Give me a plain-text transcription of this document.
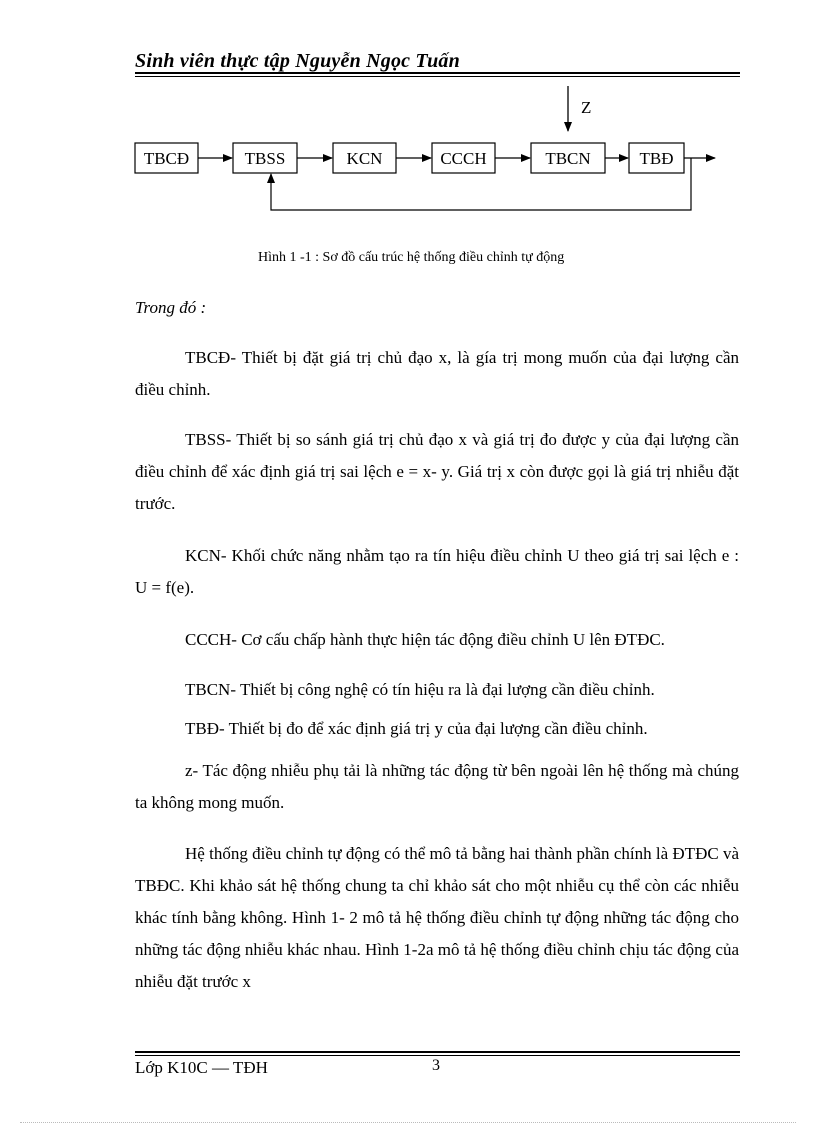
Sinh viên thực tập Nguyễn Ngọc Tuấn
Z
TBCĐ	TBSS	KCN	CCCH	TBCN	TBĐ
Hình 1 -1 : Sơ đồ cấu trúc hệ thống điều chỉnh tự động
Trong đó :

TBCĐ- Thiết bị đặt giá trị chủ đạo x, là gía trị mong muốn của đại lượng cần điều chỉnh.

TBSS- Thiết bị so sánh giá trị chủ đạo x và giá trị đo được y của đại lượng cần điều chỉnh để xác định giá trị sai lệch e = x- y. Giá trị x còn được gọi là giá trị nhiễu đặt trước.

KCN- Khối chức năng nhằm tạo ra tín hiệu điều chỉnh U theo giá trị sai lệch e : U = f(e).

CCCH- Cơ cấu chấp hành thực hiện tác động điều chỉnh U lên ĐTĐC.
TBCN- Thiết bị công nghệ có tín hiệu ra là đại lượng cần điều chỉnh.
TBĐ- Thiết bị đo để xác định giá trị y của đại lượng cần điều chỉnh.

z- Tác động nhiễu phụ tải là những tác động từ bên ngoài lên hệ thống mà chúng ta không mong muốn.

Hệ thống điều chỉnh tự động có thể mô tả bằng hai thành phần chính là ĐTĐC và TBĐC. Khi khảo sát hệ thống chung ta chỉ khảo sát cho một nhiễu cụ thể còn các nhiễu khác tính bằng không. Hình 1- 2 mô tả hệ thống điều chỉnh tự động những tác động cho những tác động nhiễu khác nhau. Hình 1-2a mô tả hệ thống điều chỉnh chịu tác động của nhiễu đặt trước x

Lớp K10C — TĐH	3
